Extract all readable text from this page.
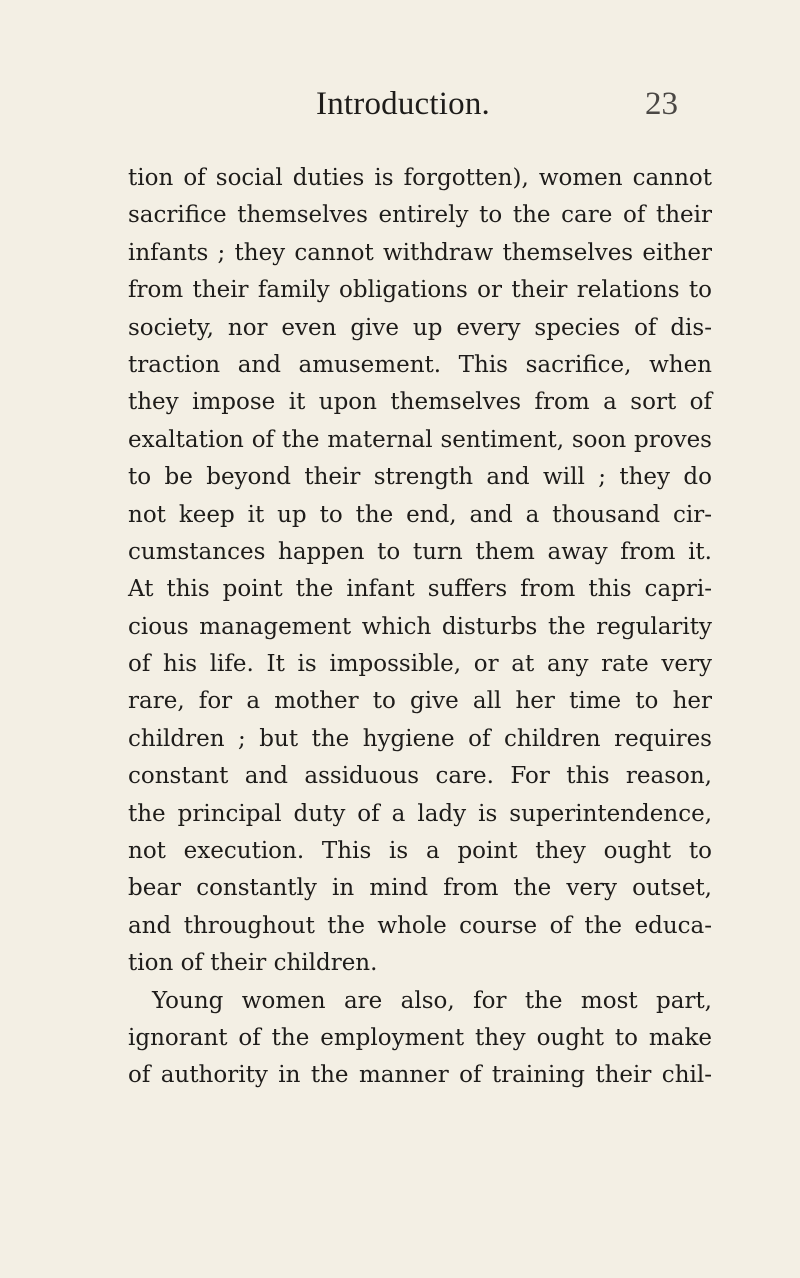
Introduction.	23
tion of social duties is forgotten), women cannot
sacrifice themselves entirely to the care of their
infants ; they cannot withdraw themselves either
from their family obligations or their relations to
society, nor even give up every species of dis-
traction and amusement. This sacrifice, when
they impose it upon themselves from a sort of
exaltation of the maternal sentiment, soon proves
to be beyond their strength and will ; they do
not keep it up to the end, and a thousand cir-
cumstances happen to turn them away from it.
At this point the infant suffers from this capri-
cious management which disturbs the regularity
of his life. It is impossible, or at any rate very
rare, for a mother to give all her time to her
children ; but the hygiene of children requires
constant and assiduous care. For this reason,
the principal duty of a lady is superintendence,
not execution. This is a point they ought to
bear constantly in mind from the very outset,
and throughout the whole course of the educa-
tion of their children.
Young women are also, for the most part,
ignorant of the employment they ought to make
of authority in the manner of training their chil-
